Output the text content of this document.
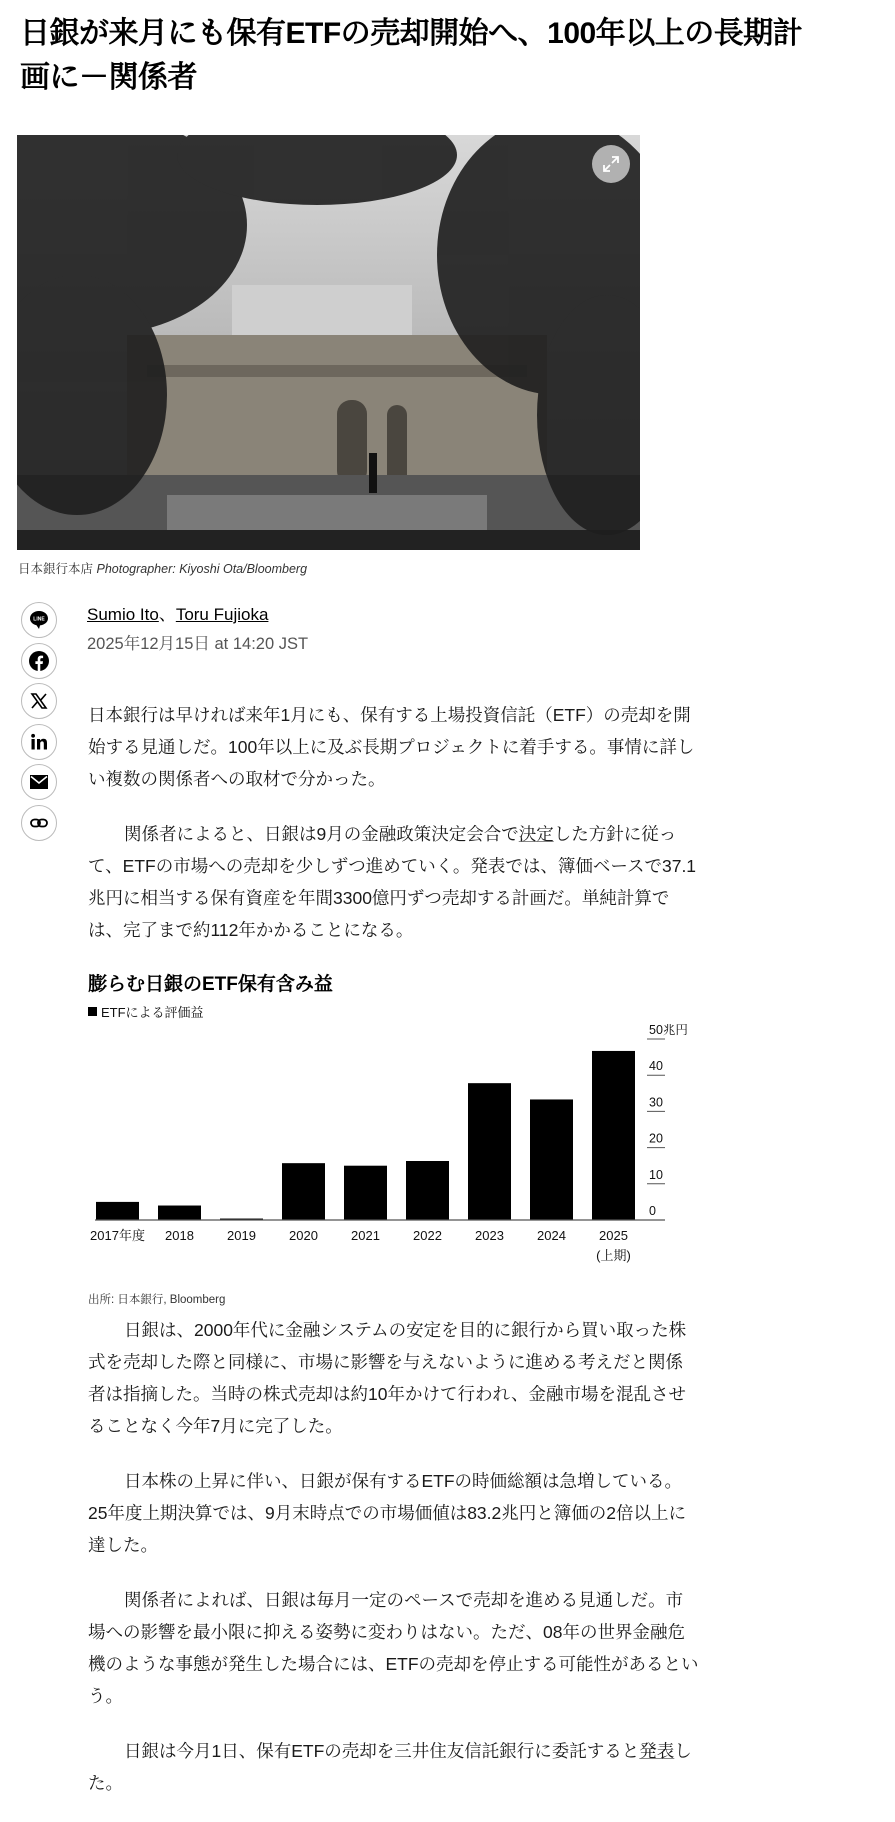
日銀が来月にも保有ETFの売却開始へ、100年以上の長期計画に－関係者
日本銀行本店 Photographer: Kiyoshi Ota/Bloomberg
LINE Sumio Ito、Toru Fujioka
2025年12月15日 at 14:20 JST

日本銀行は早ければ来年1月にも、保有する上場投資信託（ETF）の売却を開始する見通しだ。100年以上に及ぶ長期プロジェクトに着手する。事情に詳しい複数の関係者への取材で分かった。

関係者によると、日銀は9月の金融政策決定会合で決定した方針に従って、ETFの市場への売却を少しずつ進めていく。発表では、簿価ベースで37.1兆円に相当する保有資産を年間3300億円ずつ売却する計画だ。単純計算では、完了まで約112年かかることになる。

膨らむ日銀のETF保有含み益
ETFによる評価益
0
10
20
30
40
50兆円
2017年度 2018	2019	2020	2021	2022	2023	2024	2025
(上期)
出所: 日本銀行, Bloomberg

日銀は、2000年代に金融システムの安定を目的に銀行から買い取った株式を売却した際と同様に、市場に影響を与えないように進める考えだと関係者は指摘した。当時の株式売却は約10年かけて行われ、金融市場を混乱させることなく今年7月に完了した。

日本株の上昇に伴い、日銀が保有するETFの時価総額は急増している。25年度上期決算では、9月末時点での市場価値は83.2兆円と簿価の2倍以上に達した。

関係者によれば、日銀は毎月一定のペースで売却を進める見通しだ。市場への影響を最小限に抑える姿勢に変わりはない。ただ、08年の世界金融危機のような事態が発生した場合には、ETFの売却を停止する可能性があるという。

日銀は今月1日、保有ETFの売却を三井住友信託銀行に委託すると発表した。
